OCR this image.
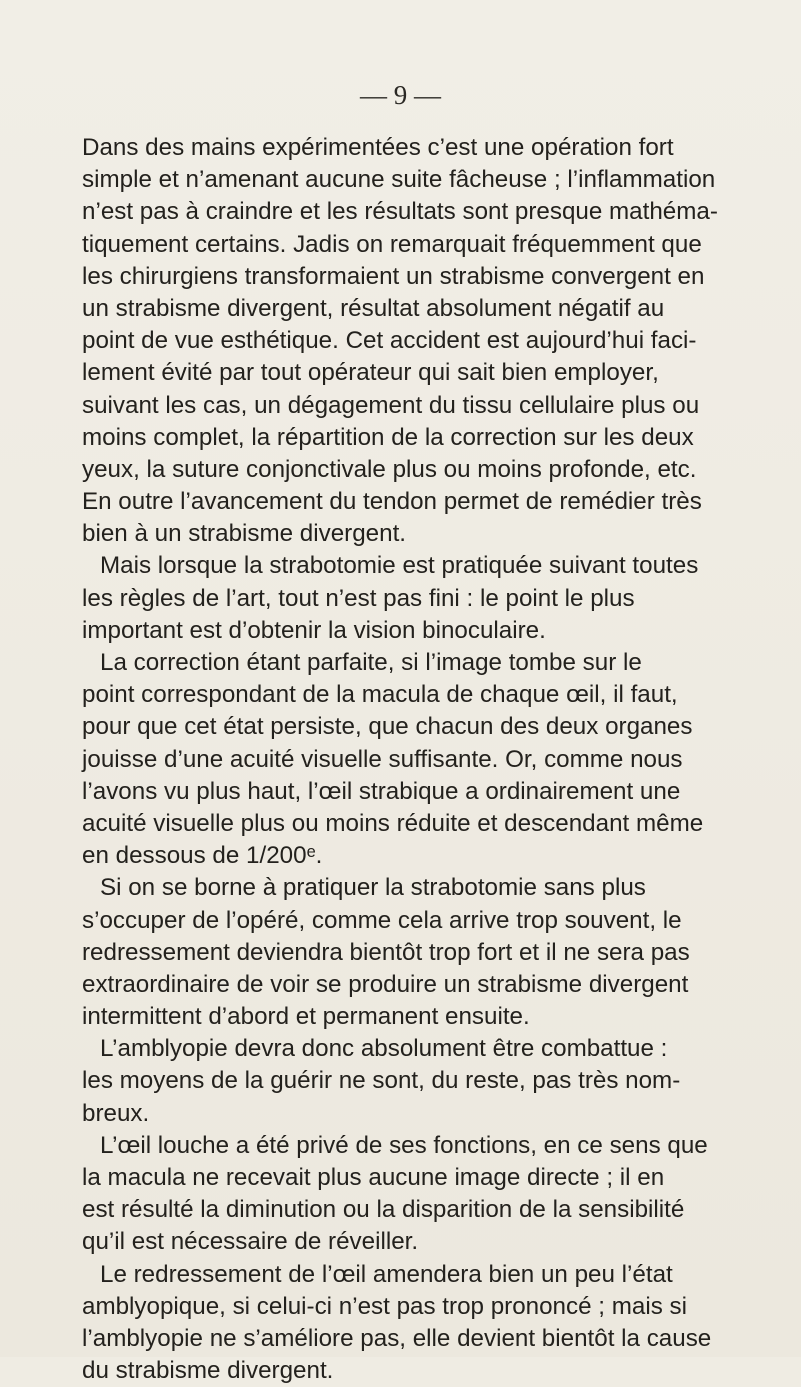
— 9 —
Dans des mains expérimentées c’est une opération fort
simple et n’amenant aucune suite fâcheuse ; l’inflammation
n’est pas à craindre et les résultats sont presque mathéma-
tiquement certains. Jadis on remarquait fréquemment que
les chirurgiens transformaient un strabisme convergent en
un strabisme divergent, résultat absolument négatif au
point de vue esthétique. Cet accident est aujourd’hui faci-
lement évité par tout opérateur qui sait bien employer,
suivant les cas, un dégagement du tissu cellulaire plus ou
moins complet, la répartition de la correction sur les deux
yeux, la suture conjonctivale plus ou moins profonde, etc.
En outre l’avancement du tendon permet de remédier très
bien à un strabisme divergent.
Mais lorsque la strabotomie est pratiquée suivant toutes
les règles de l’art, tout n’est pas fini : le point le plus
important est d’obtenir la vision binoculaire.
La correction étant parfaite, si l’image tombe sur le
point correspondant de la macula de chaque œil, il faut,
pour que cet état persiste, que chacun des deux organes
jouisse d’une acuité visuelle suffisante. Or, comme nous
l’avons vu plus haut, l’œil strabique a ordinairement une
acuité visuelle plus ou moins réduite et descendant même
en dessous de 1/200ᵉ.
Si on se borne à pratiquer la strabotomie sans plus
s’occuper de l’opéré, comme cela arrive trop souvent, le
redressement deviendra bientôt trop fort et il ne sera pas
extraordinaire de voir se produire un strabisme divergent
intermittent d’abord et permanent ensuite.
L’amblyopie devra donc absolument être combattue :
les moyens de la guérir ne sont, du reste, pas très nom-
breux.
L’œil louche a été privé de ses fonctions, en ce sens que
la macula ne recevait plus aucune image directe ; il en
est résulté la diminution ou la disparition de la sensibilité
qu’il est nécessaire de réveiller.
Le redressement de l’œil amendera bien un peu l’état
amblyopique, si celui-ci n’est pas trop prononcé ; mais si
l’amblyopie ne s’améliore pas, elle devient bientôt la cause
du strabisme divergent.
